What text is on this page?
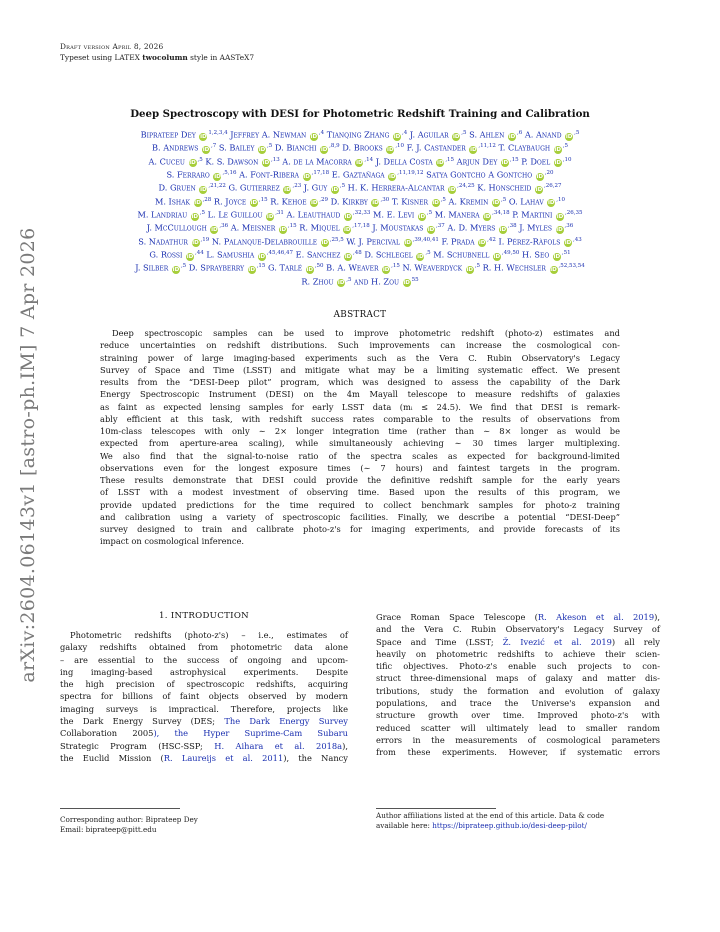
arXiv:2604.06143v1 [astro-ph.IM] 7 Apr 2026
Draft version April 8, 2026
Typeset using LATEX twocolumn style in AASTeX7
Deep Spectroscopy with DESI for Photometric Redshift Training and Calibration
Biprateep Dey iD$^{1,2,3,4}$ Jeffrey A. Newman $iD^{,4}$ Tianqing Zhang $iD^{,4}$ J. Aguilar $iD^{,5}$ S. Ahlen $iD^{,6}$ A. Anand $iD^{,5}$
B. Andrews $iD^{,7}$ S. Bailey $iD^{,5}$ D. Bianchi $iD^{,8,9}$ D. Brooks $iD^{,10}$ F. J. Castander $iD^{,11,12}$ T. Claybaugh $iD^{,5}$
A. Cuceu $iD^{,5}$ K. S. Dawson $iD^{,13}$ A. de la Macorra $iD^{,14}$ J. Della Costa $iD^{,15}$ Arjun Dey $iD^{,15}$ P. Doel $iD^{,10}$
S. Ferraro $iD^{,5,16}$ A. Font-Ribera $iD^{,17,18}$ E. Gaztañaga $iD^{,11,19,12}$ Satya Gontcho A Gontcho $iD^{,20}$
D. Gruen $iD^{,21,22}$ G. Gutierrez $iD^{,23}$ J. Guy $iD^{,5}$ H. K. Herrera-Alcantar $iD^{,24,25}$ K. Honscheid $iD^{,26,27}$
M. Ishak $iD^{,28}$ R. Joyce $iD^{,15}$ R. Kehoe $iD^{,29}$ D. Kirkby $iD^{,30}$ T. Kisner $iD^{,5}$ A. Kremin $iD^{,5}$ O. Lahav $iD^{,10}$
M. Landriau $iD^{,5}$ L. Le Guillou $iD^{,31}$ A. Leauthaud $iD^{,32,33}$ M. E. Levi $iD^{,5}$ M. Manera $iD^{,34,18}$ P. Martini $iD^{,26,35}$
J. McCullough $iD^{,36}$ A. Meisner $iD^{,15}$ R. Miquel $iD^{,17,18}$ J. Moustakas $iD^{,37}$ A. D. Myers $iD^{,38}$ J. Myles $iD^{,36}$
S. Nadathur $iD^{,19}$ N. Palanque-Delabrouille $iD^{,25,5}$ W. J. Percival $iD^{,39,40,41}$ F. Prada $iD^{,42}$ I. Pérez-Ràfols $iD^{,43}$
G. Rossi $iD^{,44}$ L. Samushia $iD^{,45,46,47}$ E. Sanchez $iD^{,48}$ D. Schlegel $iD^{,5}$ M. Schubnell $iD^{,49,50}$ H. Seo $iD^{,51}$
J. Silber $iD^{,5}$ D. Sprayberry $iD^{,15}$ G. Tarlé $iD^{,50}$ B. A. Weaver $iD^{,15}$ N. Weaverdyck $iD^{,5}$ R. H. Wechsler $iD^{,52,53,54}$
R. Zhou $iD^{,5}$ and H. Zou $iD^{55}$
ABSTRACT
Deep spectroscopic samples can be used to improve photometric redshift (photo-z) estimates and
reduce uncertainties on redshift distributions. Such improvements can increase the cosmological con-
straining power of large imaging-based experiments such as the Vera C. Rubin Observatory's Legacy
Survey of Space and Time (LSST) and mitigate what may be a limiting systematic effect. We present
results from the “DESI-Deep pilot” program, which was designed to assess the capability of the Dark
Energy Spectroscopic Instrument (DESI) on the 4m Mayall telescope to measure redshifts of galaxies
as faint as expected lensing samples for early LSST data (mᵢ ≤ 24.5). We find that DESI is remark-
ably efficient at this task, with redshift success rates comparable to the results of observations from
10m-class telescopes with only ∼ 2× longer integration time (rather than ∼ 8× longer as would be
expected from aperture-area scaling), while simultaneously achieving ∼ 30 times larger multiplexing.
We also find that the signal-to-noise ratio of the spectra scales as expected for background-limited
observations even for the longest exposure times (∼ 7 hours) and faintest targets in the program.
These results demonstrate that DESI could provide the definitive redshift sample for the early years
of LSST with a modest investment of observing time. Based upon the results of this program, we
provide updated predictions for the time required to collect benchmark samples for photo-z training
and calibration using a variety of spectroscopic facilities. Finally, we describe a potential “DESI-Deep”
survey designed to train and calibrate photo-z's for imaging experiments, and provide forecasts of its
impact on cosmological inference.
1. INTRODUCTION
Photometric redshifts (photo-z's) – i.e., estimates of
galaxy redshifts obtained from photometric data alone
– are essential to the success of ongoing and upcom-
ing imaging-based astrophysical experiments. Despite
the high precision of spectroscopic redshifts, acquiring
spectra for billions of faint objects observed by modern
imaging surveys is impractical. Therefore, projects like
the Dark Energy Survey (DES; The Dark Energy Survey
Collaboration 2005), the Hyper Suprime-Cam Subaru
Strategic Program (HSC-SSP; H. Aihara et al. 2018a),
the Euclid Mission (R. Laureijs et al. 2011), the Nancy
Grace Roman Space Telescope (R. Akeson et al. 2019),
and the Vera C. Rubin Observatory's Legacy Survey of
Space and Time (LSST; Ž. Ivezić et al. 2019) all rely
heavily on photometric redshifts to achieve their scien-
tific objectives. Photo-z's enable such projects to con-
struct three-dimensional maps of galaxy and matter dis-
tributions, study the formation and evolution of galaxy
populations, and trace the Universe's expansion and
structure growth over time. Improved photo-z's with
reduced scatter will ultimately lead to smaller random
errors in the measurements of cosmological parameters
from these experiments. However, if systematic errors
Corresponding author: Biprateep Dey
Email: biprateep@pitt.edu
Author affiliations listed at the end of this article. Data & code
available here: https://biprateep.github.io/desi-deep-pilot/
